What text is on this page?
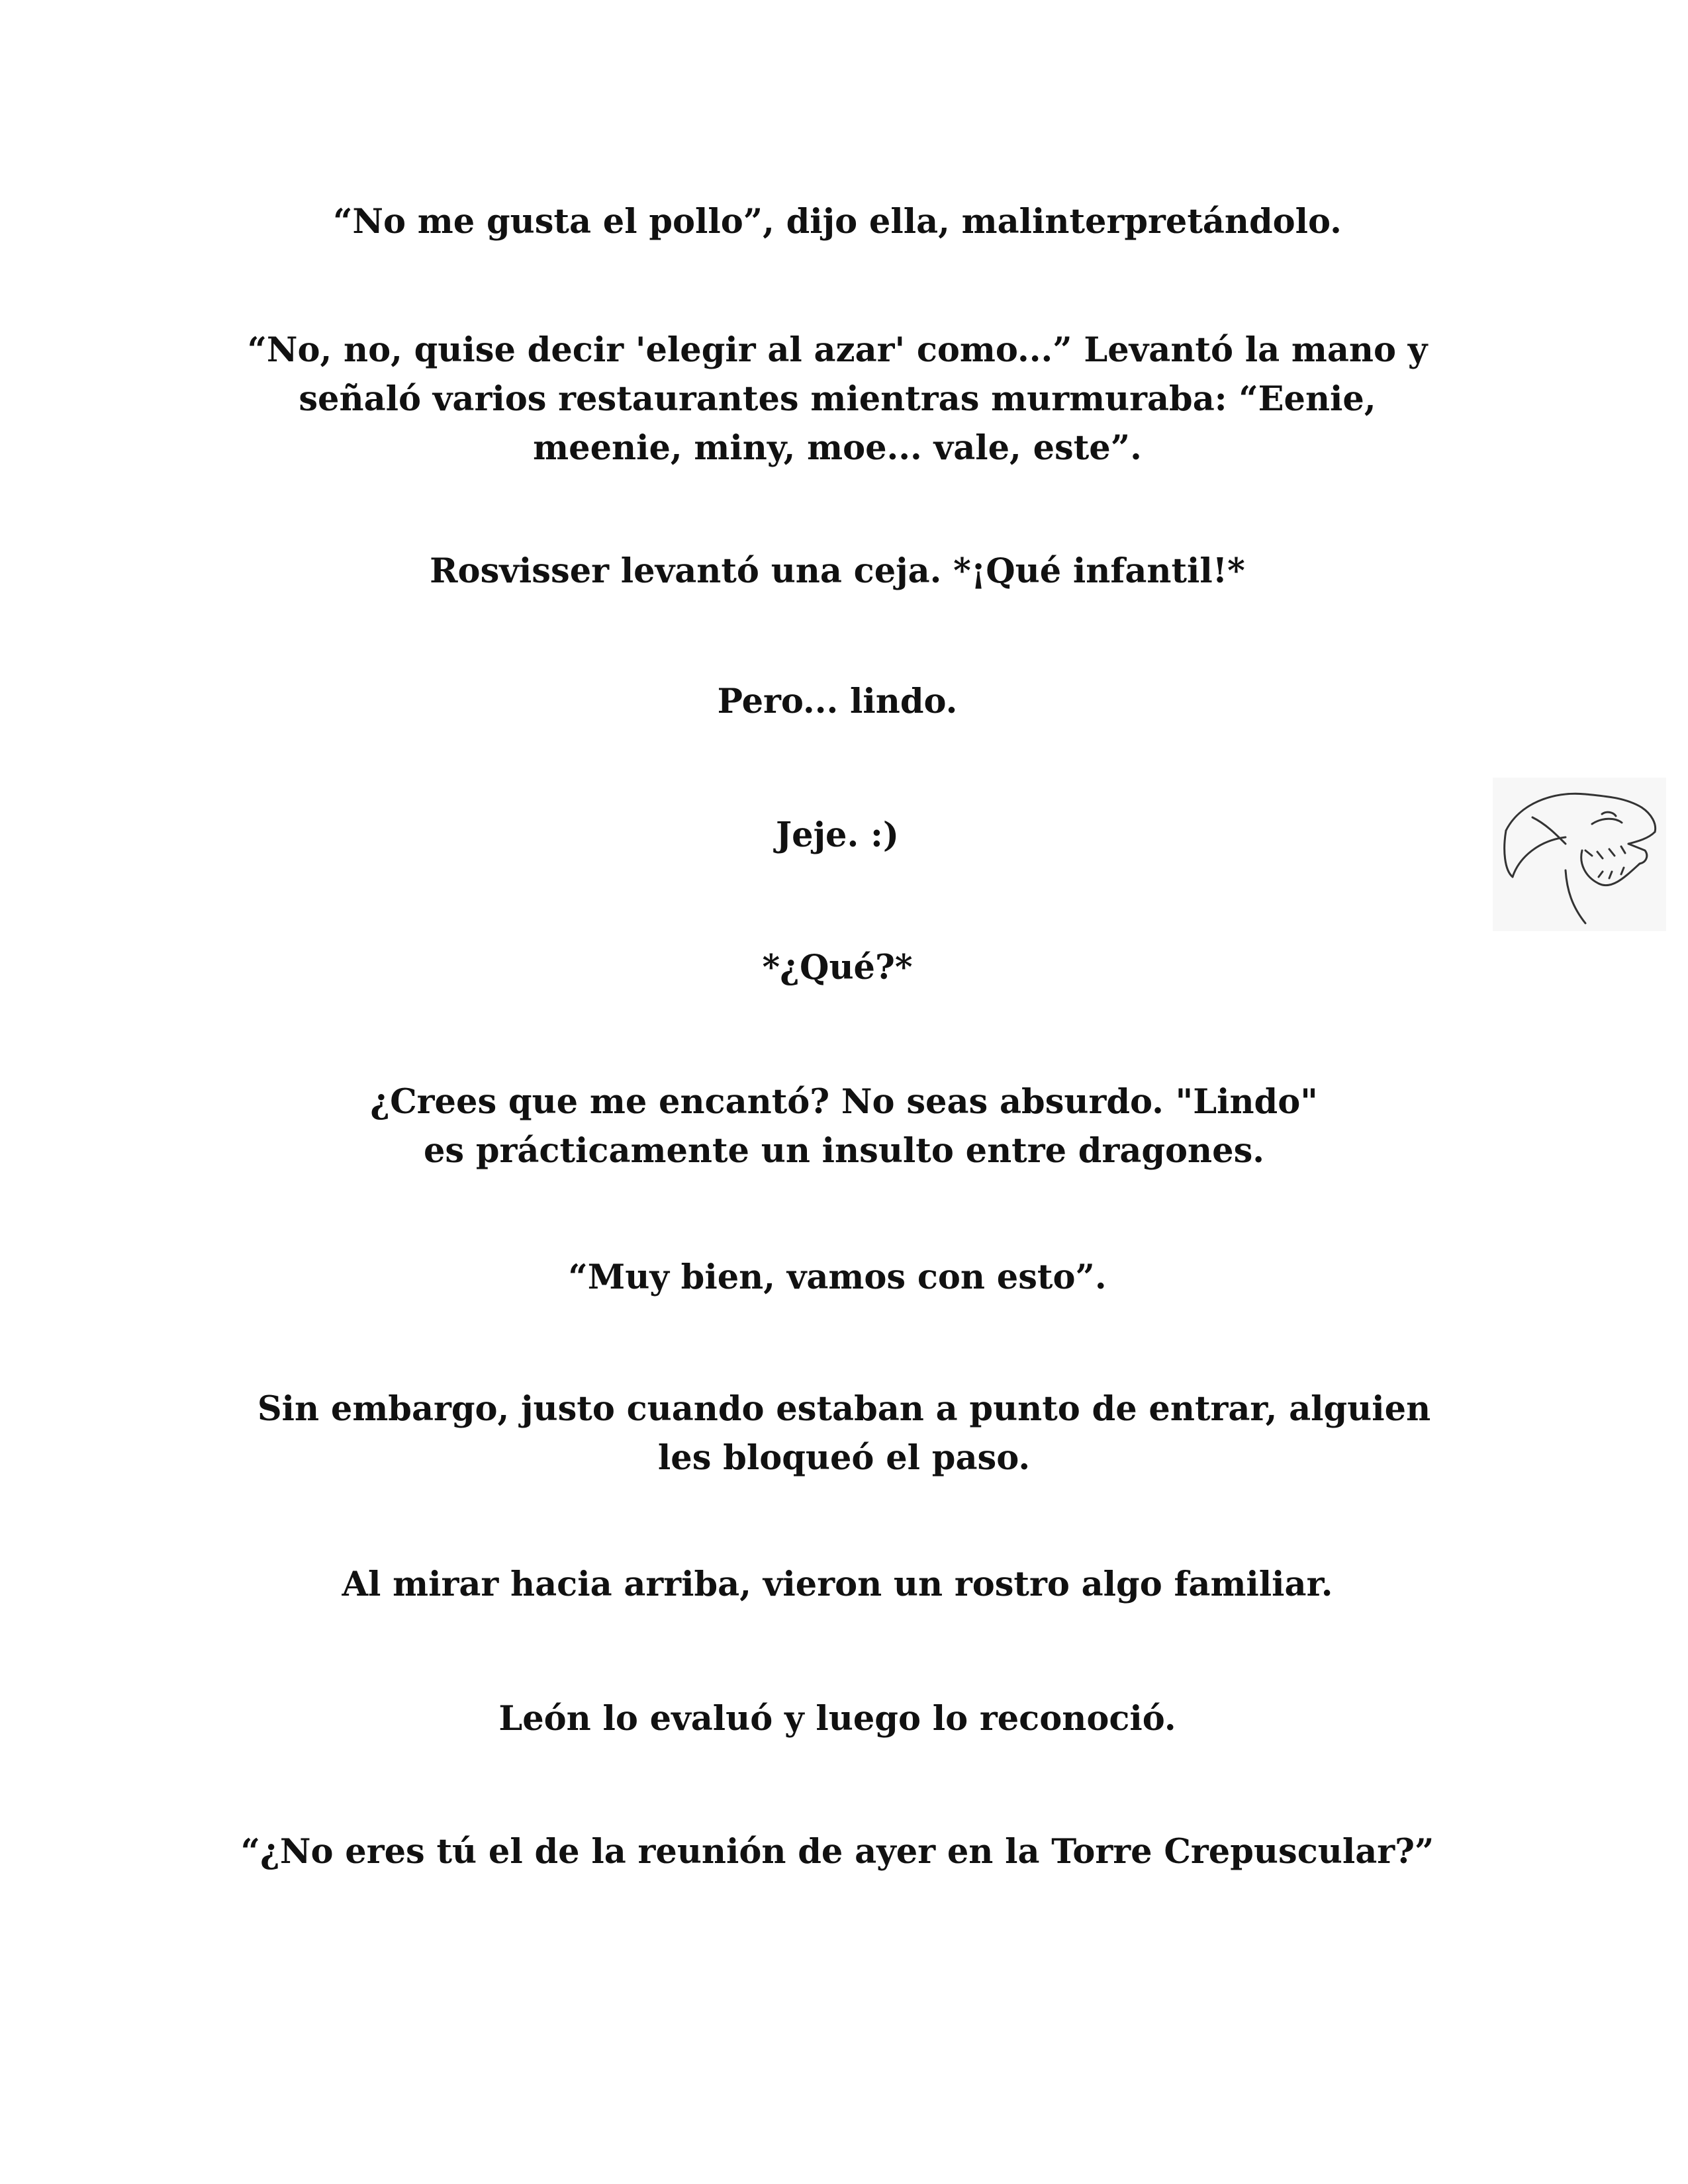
“No me gusta el pollo”, dijo ella, malinterpretándolo.

“No, no, quise decir 'elegir al azar' como...” Levantó la mano y señaló varios restaurantes mientras murmuraba: “Eenie, meenie, miny, moe... vale, este”.

Rosvisser levantó una ceja. *¡Qué infantil!*

Pero... lindo.

Jeje. :)

*¿Qué?*

¿Crees que me encantó? No seas absurdo. "Lindo" es prácticamente un insulto entre dragones.

“Muy bien, vamos con esto”.

Sin embargo, justo cuando estaban a punto de entrar, alguien les bloqueó el paso.

Al mirar hacia arriba, vieron un rostro algo familiar.

León lo evaluó y luego lo reconoció.

“¿No eres tú el de la reunión de ayer en la Torre Crepuscular?”
